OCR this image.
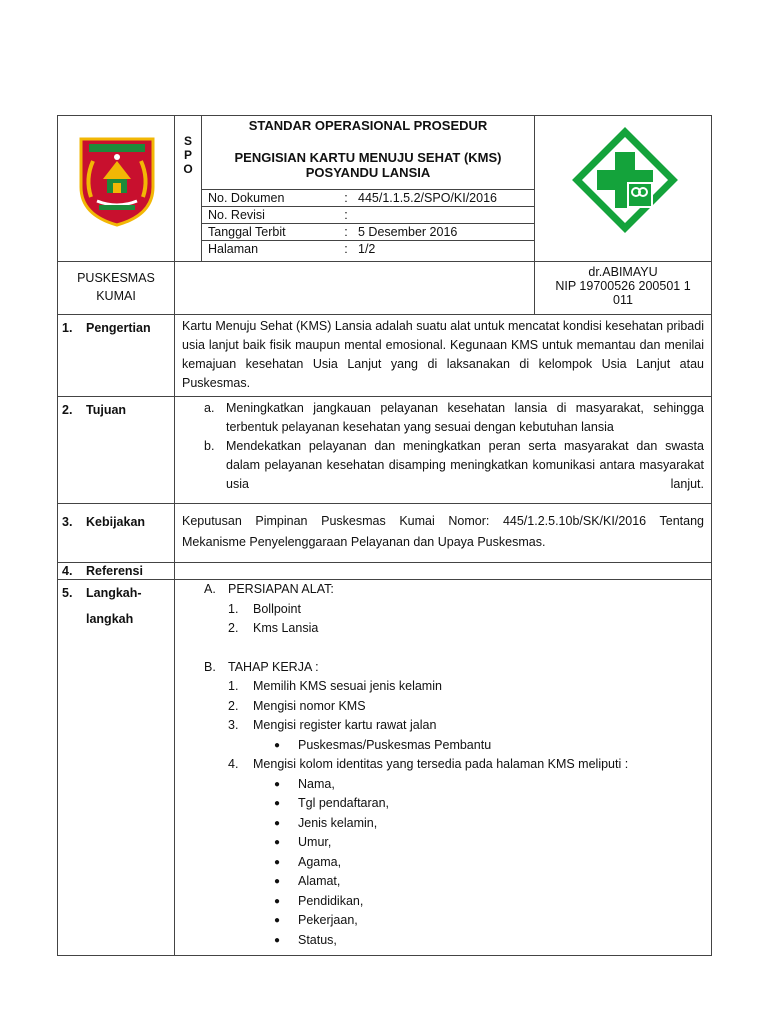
S
P
O

STANDAR OPERASIONAL PROSEDUR
PENGISIAN KARTU MENUJU SEHAT (KMS)
POSYANDU LANSIA
No. Dokumen	:	445/1.1.5.2/SPO/KI/2016
No. Revisi	:	
Tanggal Terbit	:	5 Desember 2016
Halaman	:	1/2

PUSKESMAS
KUMAI

dr.ABIMAYU
NIP 19700526 200501 1
011

1. Pengertian	Kartu Menuju Sehat (KMS) Lansia adalah suatu alat untuk mencatat kondisi kesehatan pribadi usia lanjut baik fisik maupun mental emosional. Kegunaan KMS untuk memantau dan menilai kemajuan kesehatan Usia Lanjut yang di laksanakan di kelompok Usia Lanjut atau Puskesmas.

2. Tujuan	a. Meningkatkan jangkauan pelayanan kesehatan lansia di masyarakat, sehingga terbentuk pelayanan kesehatan yang sesuai dengan kebutuhan lansia
b. Mendekatkan pelayanan dan meningkatkan peran serta masyarakat dan swasta dalam pelayanan kesehatan disamping meningkatkan komunikasi antara masyarakat usia lanjut.

3. Kebijakan	Keputusan Pimpinan Puskesmas Kumai Nomor: 445/1.2.5.10b/SK/KI/2016 Tentang
Mekanisme Penyelenggaraan Pelayanan dan Upaya Puskesmas.

4. Referensi	

5. Langkah-
langkah

A. PERSIAPAN ALAT:
1. Bollpoint
2. Kms Lansia
B. TAHAP KERJA :
1. Memilih KMS sesuai jenis kelamin
2. Mengisi nomor KMS
3. Mengisi register kartu rawat jalan
● Puskesmas/Puskesmas Pembantu
4. Mengisi kolom identitas yang tersedia pada halaman KMS meliputi :
● Nama,
● Tgl pendaftaran,
● Jenis kelamin,
● Umur,
● Agama,
● Alamat,
● Pendidikan,
● Pekerjaan,
● Status,
